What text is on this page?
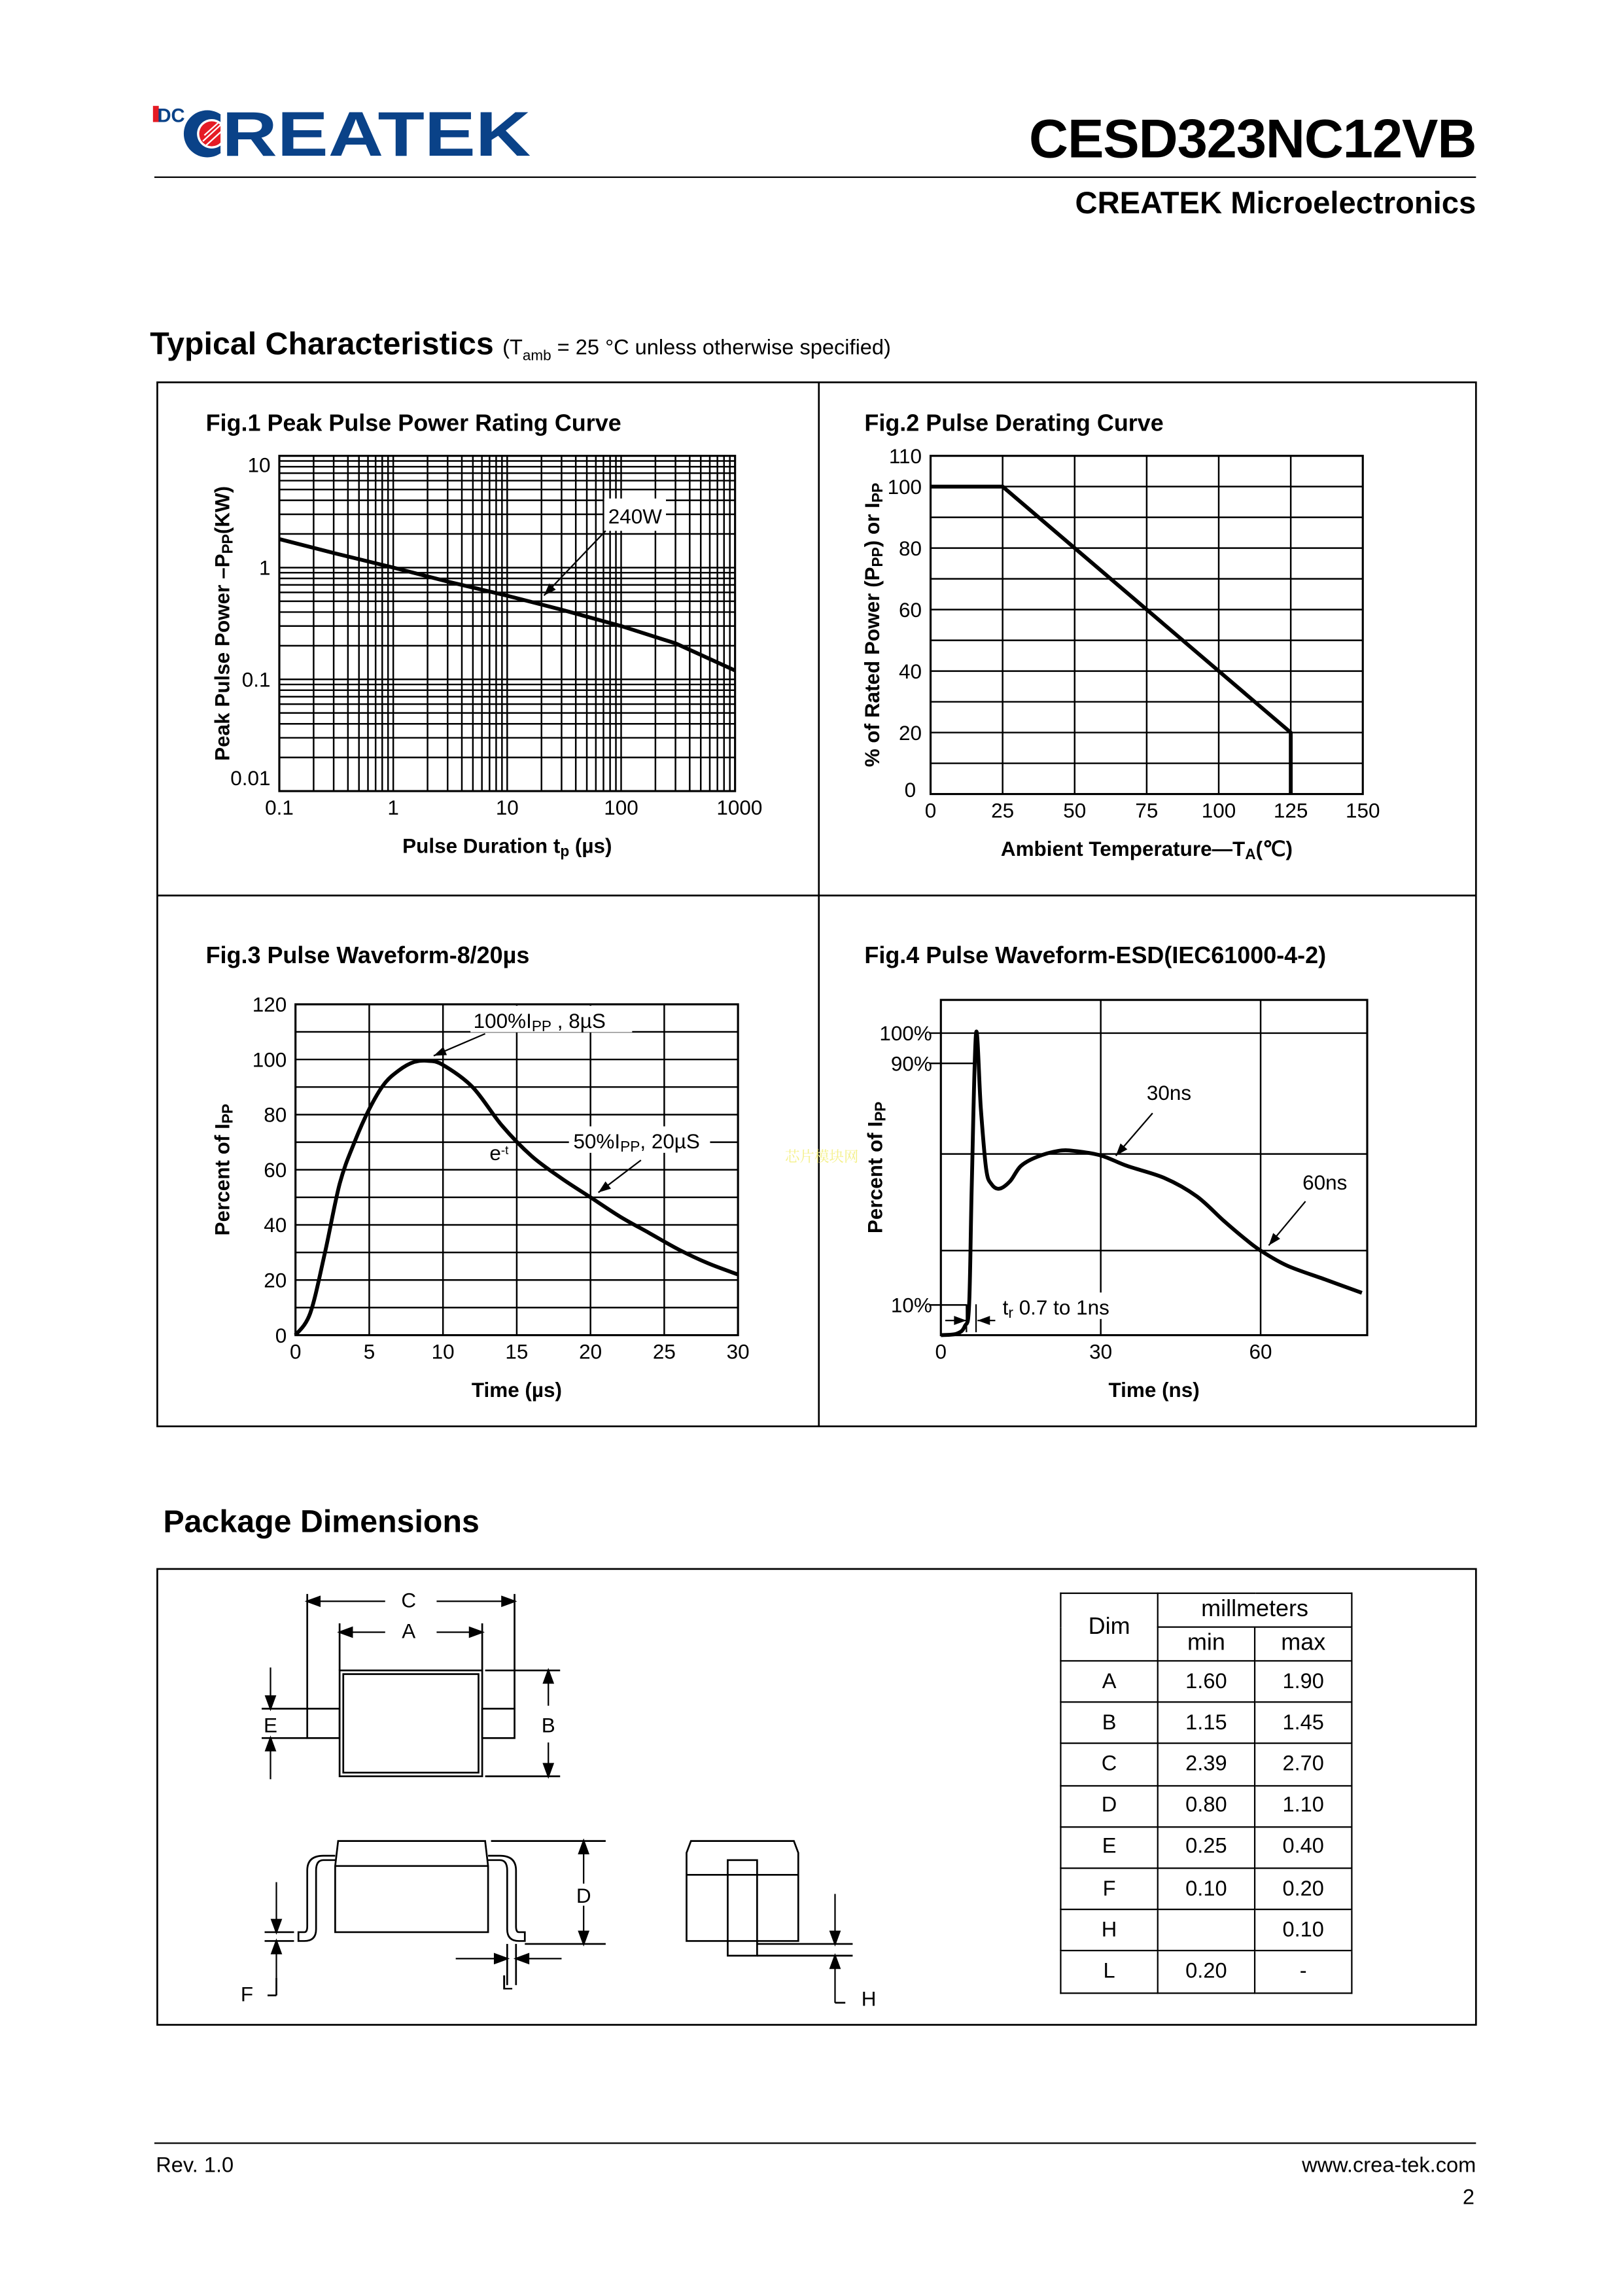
DC REATEK	CESD323NC12VB
CREATEK Microelectronics
Typical Characteristics ($T_{amb} = 25$ °C unless otherwise specified)
Fig.1 Peak Pulse Power Rating Curve
0.1	1	10	100	1000
10
1
0.1
0.01
Pulse Duration tp (µs)
Peak Pulse Power –PPP(KW)	240W
Fig.2 Pulse Derating Curve
0	25	50	75	100	125	150
0
20
40
60
80
100
110
Ambient Temperature—TA(℃)
% of Rated Power (PPP) or IPP
Fig.3 Pulse Waveform-8/20µs
0	5	10	15	20	25	30
0
20
40
60
80
100
120
Time (µs)
Percent of IPP
100%IPP , 8µS
e-t	50%IPP, 20µS
Fig.4 Pulse Waveform-ESD(IEC61000-4-2)
0	30	60
100%
90%
10%
Time (ns)
Percent of IPP
30ns
60ns
tr 0.7 to 1ns
C
A
B
E
D
F
L
H
芯片模块网
Package Dimensions
Dim	millmeters	
	min	max
A	1.60	1.90
B	1.15	1.45
C	2.39	2.70
D	0.80	1.10
E	0.25	0.40
F	0.10	0.20
H		0.10
L	0.20	-
Rev. 1.0	www.crea-tek.com
2
